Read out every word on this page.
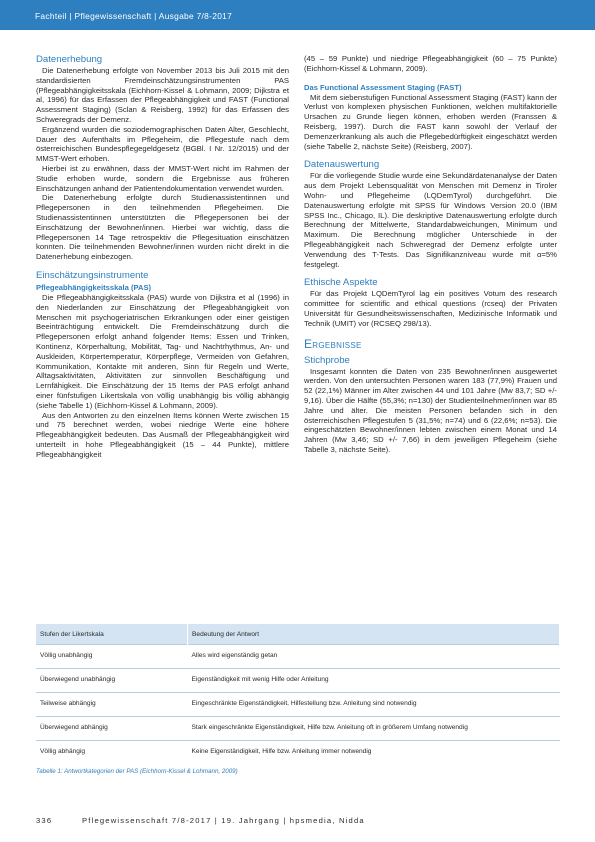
Fachteil | Pflegewissenschaft | Ausgabe 7/8-2017
Datenerhebung

Die Datenerhebung erfolgte von November 2013 bis Juli 2015 mit den standardisierten Fremdeinschätzungsinstrumenten PAS (Pflegeabhängigkeitsskala (Eichhorn-Kissel & Lohmann, 2009; Dijkstra et al, 1996) für das Erfassen der Pflegeabhängigkeit und FAST (Functional Assessment Staging) (Sclan & Reisberg, 1992) für das Erfassen des Schweregrads der Demenz.

Ergänzend wurden die soziodemographischen Daten Alter, Geschlecht, Dauer des Aufenthalts im Pflegeheim, die Pflegestufe nach dem österreichischen Bundespflegegeldgesetz (BGBl. I Nr. 12/2015) und der MMST-Wert erhoben.

Hierbei ist zu erwähnen, dass der MMST-Wert nicht im Rahmen der Studie erhoben wurde, sondern die Ergebnisse aus früheren Einschätzungen anhand der Patientendokumentation verwendet wurden.

Die Datenerhebung erfolgte durch Studienassistentinnen und Pflegepersonen in den teilnehmenden Pflegeheimen. Die Studienassistentinnen unterstützten die Pflegepersonen bei der Einschätzung der Bewohner/innen. Hierbei war wichtig, dass die Pflegepersonen 14 Tage retrospektiv die Pflegesituation einschätzen konnten. Die teilnehmenden Bewohner/innen wurden nicht direkt in die Datenerhebung einbezogen.

Einschätzungsinstrumente
Pflegeabhängigkeitsskala (PAS)

Die Pflegeabhängigkeitsskala (PAS) wurde von Dijkstra et al (1996) in den Niederlanden zur Einschätzung der Pflegeabhängigkeit von Menschen mit psychogeriatrischen Erkrankungen oder einer geistigen Beeinträchtigung entwickelt. Die Fremdeinschätzung durch die Pflegepersonen erfolgt anhand folgender Items: Essen und Trinken, Kontinenz, Körperhaltung, Mobilität, Tag- und Nachtrhythmus, An- und Auskleiden, Körpertemperatur, Körperpflege, Vermeiden von Gefahren, Kommunikation, Kontakte mit anderen, Sinn für Regeln und Werte, Alltagsaktivitäten, Aktivitäten zur sinnvollen Beschäftigung und Lernfähigkeit. Die Einschätzung der 15 Items der PAS erfolgt anhand einer fünfstufigen Likertskala von völlig unabhängig bis völlig abhängig (siehe Tabelle 1) (Eichhorn-Kissel & Lohmann, 2009).

Aus den Antworten zu den einzelnen Items können Werte zwischen 15 und 75 berechnet werden, wobei niedrige Werte eine höhere Pflegeabhängigkeit bedeuten. Das Ausmaß der Pflegeabhängigkeit wird unterteilt in hohe Pflegeabhängigkeit (15 – 44 Punkte), mittlere Pflegeabhängigkeit

(45 – 59 Punkte) und niedrige Pflegeabhängigkeit (60 – 75 Punkte) (Eichhorn-Kissel & Lohmann, 2009).

Das Functional Assessment Staging (FAST)

Mit dem siebenstufigen Functional Assessment Staging (FAST) kann der Verlust von komplexen physischen Funktionen, welchen multifaktorielle Ursachen zu Grunde liegen können, erhoben werden (Franssen & Reisberg, 1997). Durch die FAST kann sowohl der Verlauf der Demenzerkrankung als auch die Pflegebedürftigkeit eingeschätzt werden (siehe Tabelle 2, nächste Seite) (Reisberg, 2007).

Datenauswertung

Für die vorliegende Studie wurde eine Sekundärdatenanalyse der Daten aus dem Projekt Lebensqualität von Menschen mit Demenz in Tiroler Wohn- und Pflegeheime (LQDemTyrol) durchgeführt. Die Datenauswertung erfolgte mit SPSS für Windows Version 20.0 (IBM SPSS Inc., Chicago, IL). Die deskriptive Datenauswertung erfolgte durch Berechnung der Mittelwerte, Standardabweichungen, Minimum und Maximum. Die Berechnung möglicher Unterschiede in der Pflegeabhängigkeit nach Schweregrad der Demenz erfolgte unter Verwendung des T-Tests. Das Signifikanzniveau wurde mit α=5% festgelegt.

Ethische Aspekte

Für das Projekt LQDemTyrol lag ein positives Votum des research committee for scientific and ethical questions (rcseq) der Privaten Universität für Gesundheitswissenschaften, Medizinische Informatik und Technik (UMIT) vor (RCSEQ 298/13).

Ergebnisse
Stichprobe

Insgesamt konnten die Daten von 235 Bewohner/innen ausgewertet werden. Von den untersuchten Personen waren 183 (77,9%) Frauen und 52 (22,1%) Männer im Alter zwischen 44 und 101 Jahre (Mw 83,7; SD +/- 9,16). Über die Hälfte (55,3%; n=130) der Studienteilnehmer/innen war 85 Jahre und älter. Die meisten Personen befanden sich in den österreichischen Pflegestufen 5 (31,5%; n=74) und 6 (22,6%; n=53). Die eingeschätzten Bewohner/innen lebten zwischen einem Monat und 14 Jahren (Mw 3,46; SD +/- 7,66) in dem jeweiligen Pflegeheim (siehe Tabelle 3, nächste Seite).

Stufen der Likertskala	Bedeutung der Antwort
Völlig unabhängig	Alles wird eigenständig getan
Überwiegend unabhängig	Eigenständigkeit mit wenig Hilfe oder Anleitung
Teilweise abhängig	Eingeschränkte Eigenständigkeit, Hilfestellung bzw. Anleitung sind notwendig
Überwiegend abhängig	Stark eingeschränkte Eigenständigkeit, Hilfe bzw. Anleitung oft in größerem Umfang notwendig
Völlig abhängig	Keine Eigenständigkeit, Hilfe bzw. Anleitung immer notwendig
Tabelle 1: Antwortkategorien der PAS (Eichhorn-Kissel & Lohmann, 2009)
336	Pflegewissenschaft 7/8-2017 | 19. Jahrgang | hpsmedia, Nidda
